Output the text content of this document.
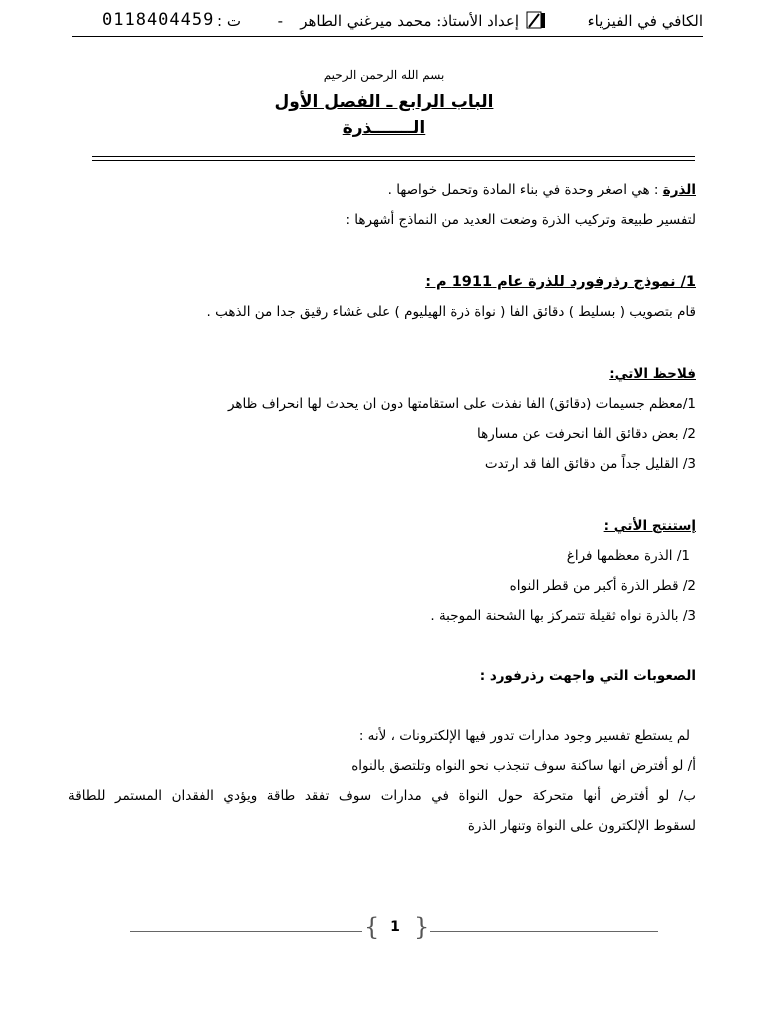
الكافي في الفيزياء
إعداد الأستاذ: محمد ميرغني الطاهر
-
ت :
0118404459
بسم الله الرحمن الرحيم
الباب الرابع ـ الفصل الأول
الـــــــذرة
الذرة : هي اصغر وحدة في بناء المادة وتحمل خواصها .
لتفسير طبيعة وتركيب الذرة وضعت العديد من النماذج أشهرها :
1/ نموذج رذرفورد للذرة عام 1911 م :
قام بتصويب ( بسليط ) دقائق الفا ( نواة ذرة الهيليوم ) على غشاء رقيق جدا من الذهب .
فلاحظ الاتي:
1/معظم جسيمات (دقائق) الفا نفذت على استقامتها دون ان يحدث لها انحراف ظاهر
2/ بعض دقائق الفا انحرفت عن مسارها
3/ القليل جداً من دقائق الفا قد ارتدت
إستنتج الأتي :
1/ الذرة معظمها فراغ
2/ قطر الذرة أكبر من قطر النواه
3/ بالذرة نواه ثقيلة تتمركز بها الشحنة الموجبة .
الصعوبات التي واجهت رذرفورد :
لم يستطع تفسير وجود مدارات تدور فيها الإلكترونات ، لأنه :
أ/ لو أفترض انها ساكنة سوف تنجذب نحو النواه وتلتصق بالنواه
ب/ لو أفترض أنها متحركة حول النواة في مدارات سوف تفقد طاقة ويؤدي الفقدان المستمر للطاقة
لسقوط الإلكترون على النواة وتنهار الذرة
{ 1 }
